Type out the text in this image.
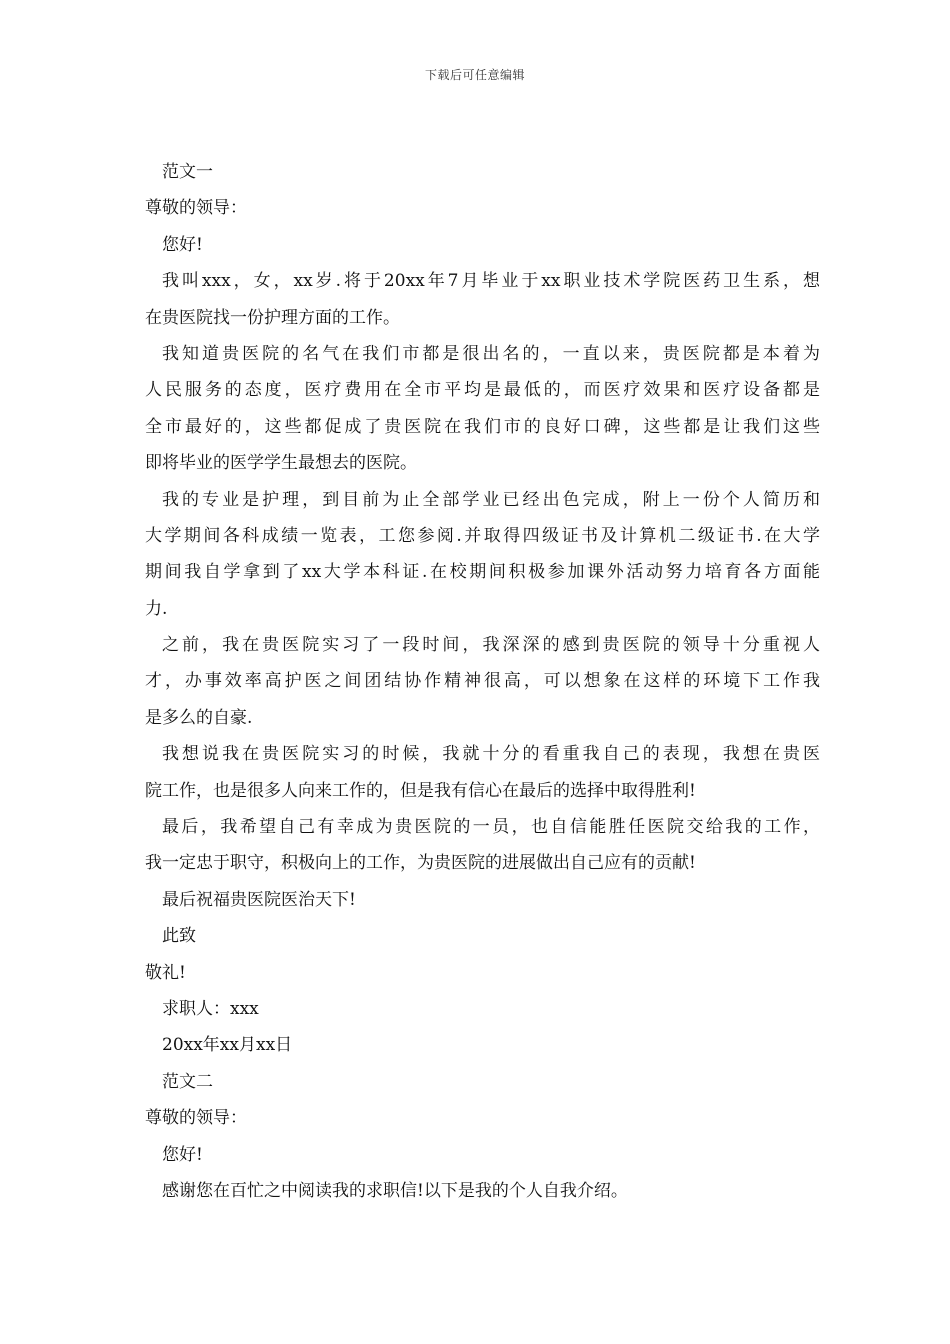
下载后可任意编辑
范文一
尊敬的领导：
您好!
我叫xxx，女，xx岁.将于20xx年7月毕业于xx职业技术学院医药卫生系，想
在贵医院找一份护理方面的工作。
我知道贵医院的名气在我们市都是很出名的，一直以来，贵医院都是本着为
人民服务的态度，医疗费用在全市平均是最低的，而医疗效果和医疗设备都是
全市最好的，这些都促成了贵医院在我们市的良好口碑，这些都是让我们这些
即将毕业的医学学生最想去的医院。
我的专业是护理，到目前为止全部学业已经出色完成，附上一份个人简历和
大学期间各科成绩一览表，工您参阅.并取得四级证书及计算机二级证书.在大学
期间我自学拿到了xx大学本科证.在校期间积极参加课外活动努力培育各方面能
力.
之前，我在贵医院实习了一段时间，我深深的感到贵医院的领导十分重视人
才，办事效率高护医之间团结协作精神很高，可以想象在这样的环境下工作我
是多么的自豪.
我想说我在贵医院实习的时候，我就十分的看重我自己的表现，我想在贵医
院工作，也是很多人向来工作的，但是我有信心在最后的选择中取得胜利!
最后，我希望自己有幸成为贵医院的一员，也自信能胜任医院交给我的工作，
我一定忠于职守，积极向上的工作，为贵医院的进展做出自己应有的贡献!
最后祝福贵医院医治天下!
此致
敬礼!
求职人：xxx
20xx年xx月xx日
范文二
尊敬的领导：
您好!
感谢您在百忙之中阅读我的求职信!以下是我的个人自我介绍。
